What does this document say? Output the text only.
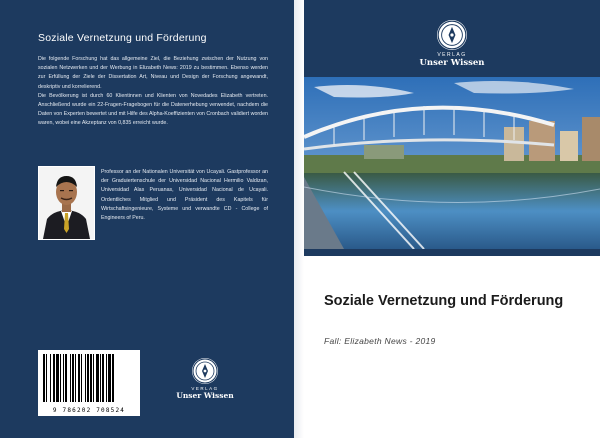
Soziale Vernetzung und Förderung

Die folgende Forschung hat das allgemeine Ziel, die Beziehung zwischen der Nutzung von sozialen Netzwerken und der Werbung in Elizabeth News: 2019 zu bestimmen. Ebenso werden zur Erfüllung der Ziele der Dissertation Art, Niveau und Design der Forschung angewandt, deskriptiv und korrelierend.

Die Bevölkerung ist durch 60 Klientinnen und Klienten von Novedades Elizabeth vertreten. Anschließend wurde ein 22-Fragen-Fragebogen für die Datenerhebung verwendet, nachdem die Daten von Experten bewertet und mit Hilfe des Alpha-Koeffizienten von Cronbach validiert worden waren, wobei eine Akzeptanz von 0,835 erreicht wurde.

Professor an der Nationalen Universität von Ucayali. Gastprofessor an der Graduiertenschule der Universidad Nacional Hermilio Valdizan, Universidad Alas Peruanas, Universidad Nacional de Ucayali. Ordentliches Mitglied und Präsident des Kapitels für Wirtschaftsingenieure, Systeme und verwandte CD - College of Engineers of Peru.
9 786202 708524
VERLAG
Unser Wissen
VERLAG
Unser Wissen
Jorge Luis Hilario Rivas
Soziale Vernetzung und Förderung
Fall: Elizabeth News - 2019
